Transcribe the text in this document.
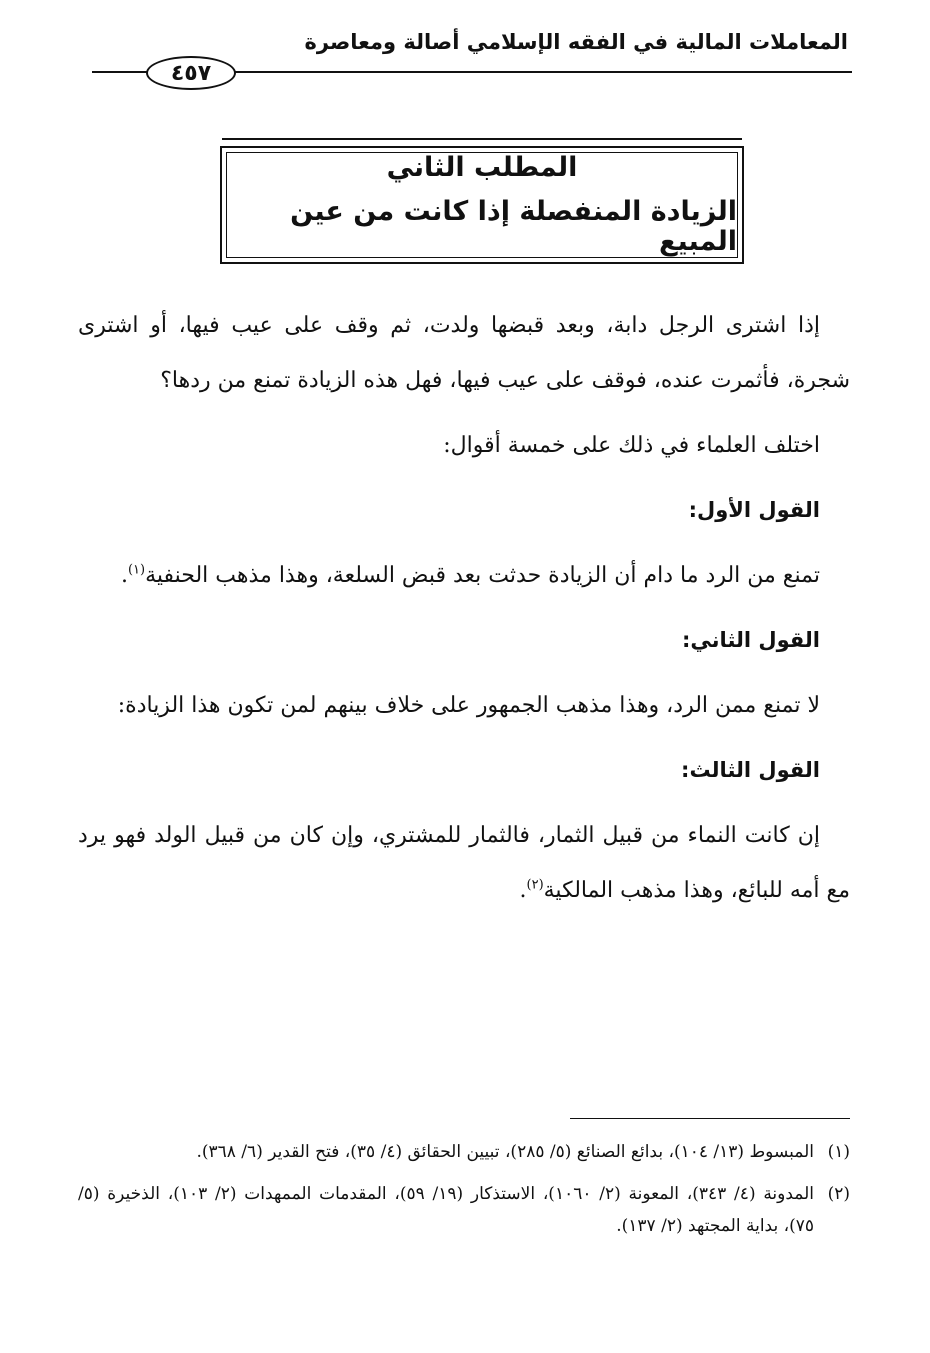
المعاملات المالية في الفقه الإسلامي أصالة ومعاصرة
٤٥٧
المطلب الثاني
الزيادة المنفصلة إذا كانت من عين المبيع

إذا اشترى الرجل دابة، وبعد قبضها ولدت، ثم وقف على عيب فيها، أو اشترى شجرة، فأثمرت عنده، فوقف على عيب فيها، فهل هذه الزيادة تمنع من ردها؟

اختلف العلماء في ذلك على خمسة أقوال:

القول الأول:

تمنع من الرد ما دام أن الزيادة حدثت بعد قبض السلعة، وهذا مذهب الحنفية$^{(١)}$.

القول الثاني:

لا تمنع ممن الرد، وهذا مذهب الجمهور على خلاف بينهم لمن تكون هذا الزيادة:

القول الثالث:

إن كانت النماء من قبيل الثمار، فالثمار للمشتري، وإن كان من قبيل الولد فهو يرد مع أمه للبائع، وهذا مذهب المالكية$^{(٢)}$.

(١)
المبسوط (١٣/ ١٠٤)، بدائع الصنائع (٥/ ٢٨٥)، تبيين الحقائق (٤/ ٣٥)، فتح القدير (٦/ ٣٦٨).
(٢)
المدونة (٤/ ٣٤٣)، المعونة (٢/ ١٠٦٠)، الاستذكار (١٩/ ٥٩)، المقدمات الممهدات (٢/ ١٠٣)، الذخيرة (٥/ ٧٥)، بداية المجتهد (٢/ ١٣٧).
